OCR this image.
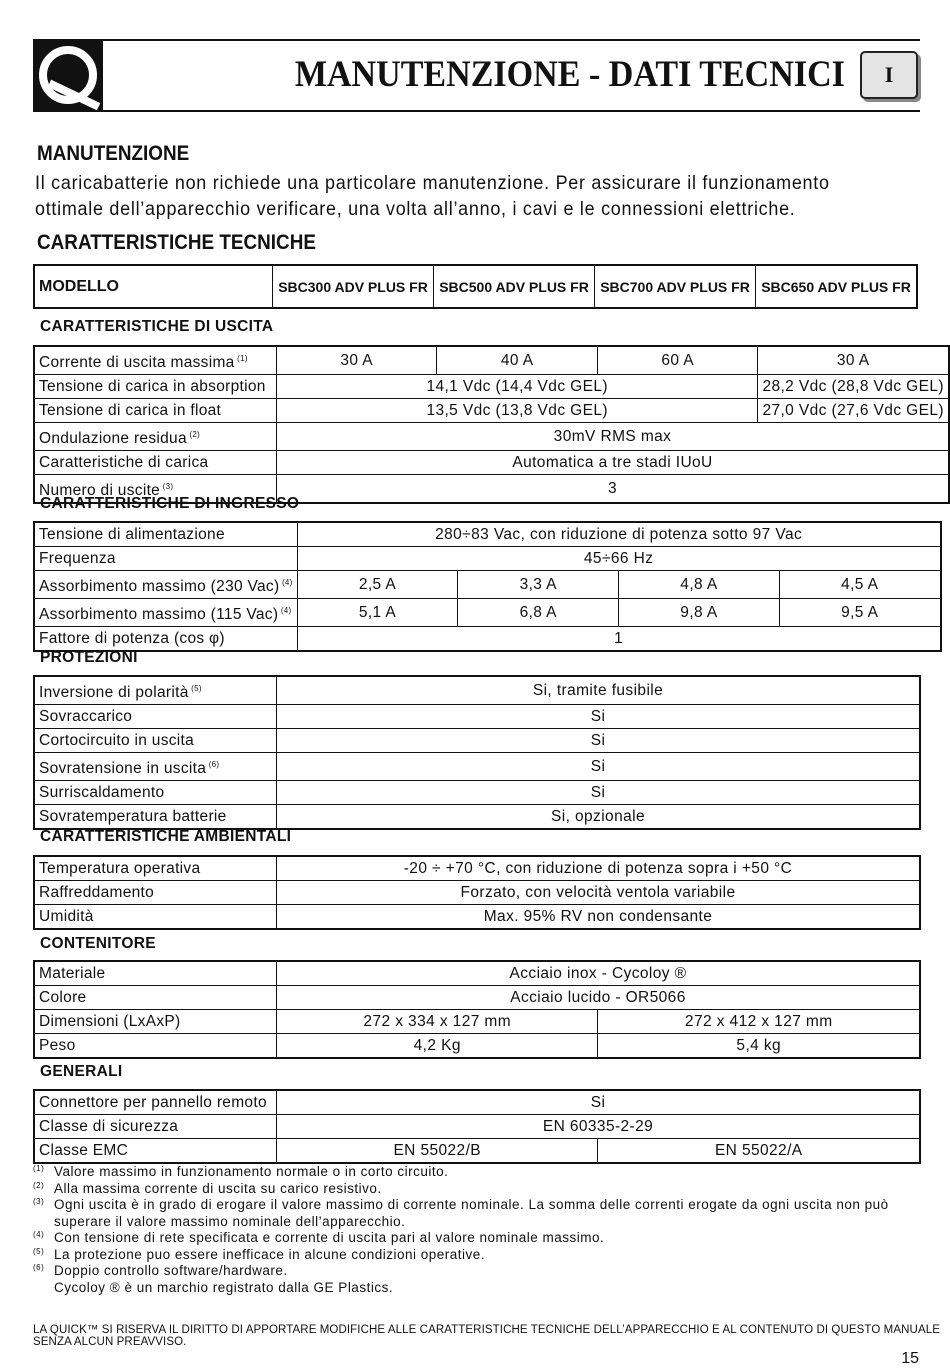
MANUTENZIONE - DATI TECNICI	I
MANUTENZIONE
Il caricabatterie non richiede una particolare manutenzione. Per assicurare il funzionamento
ottimale dell’apparecchio verificare, una volta all’anno, i cavi e le connessioni elettriche.
CARATTERISTICHE TECNICHE
MODELLO	SBC300 ADV PLUS FR	SBC500 ADV PLUS FR	SBC700 ADV PLUS FR	SBC650 ADV PLUS FR
CARATTERISTICHE DI USCITA
Corrente di uscita massima $^{(1)}$	30 A	40 A	60 A	30 A
Tensione di carica in absorption	14,1 Vdc (14,4 Vdc GEL)			28,2 Vdc (28,8 Vdc GEL)
Tensione di carica in float	13,5 Vdc (13,8 Vdc GEL)			27,0 Vdc (27,6 Vdc GEL)
Ondulazione residua $^{(2)}$	30mV RMS max			
Caratteristiche di carica	Automatica a tre stadi IUoU			
Numero di uscite $^{(3)}$	3			
CARATTERISTICHE DI INGRESSO
Tensione di alimentazione	280÷83 Vac, con riduzione di potenza sotto 97 Vac			
Frequenza	45÷66 Hz			
Assorbimento massimo (230 Vac) $^{(4)}$	2,5 A	3,3 A	4,8 A	4,5 A
Assorbimento massimo (115 Vac) $^{(4)}$	5,1 A	6,8 A	9,8 A	9,5 A
Fattore di potenza (cos φ)	1			
PROTEZIONI
Inversione di polarità $^{(5)}$	Si, tramite fusibile
Sovraccarico	Si
Cortocircuito in uscita	Si
Sovratensione in uscita $^{(6)}$	Si
Surriscaldamento	Si
Sovratemperatura batterie	Si, opzionale
CARATTERISTICHE AMBIENTALI
Temperatura operativa	-20 ÷ +70 °C, con riduzione di potenza sopra i +50 °C
Raffreddamento	Forzato, con velocità ventola variabile
Umidità	Max. 95% RV non condensante
CONTENITORE
Materiale	Acciaio inox - Cycoloy ®	
Colore	Acciaio lucido - OR5066	
Dimensioni (LxAxP)	272 x 334 x 127 mm	272 x 412 x 127 mm
Peso	4,2 Kg	5,4 kg
GENERALI
Connettore per pannello remoto	Si	
Classe di sicurezza	EN 60335-2-29	
Classe EMC	EN 55022/B	EN 55022/A
(1) Valore massimo in funzionamento normale o in corto circuito.
(2) Alla massima corrente di uscita su carico resistivo.
(3) Ogni uscita è in grado di erogare il valore massimo di corrente nominale. La somma delle correnti erogate da ogni uscita non può superare il valore massimo nominale dell’apparecchio.
(4) Con tensione di rete specificata e corrente di uscita pari al valore nominale massimo.
(5) La protezione puo essere inefficace in alcune condizioni operative.
(6) Doppio controllo software/hardware.
Cycoloy ® è un marchio registrato dalla GE Plastics.
LA QUICK™ SI RISERVA IL DIRITTO DI APPORTARE MODIFICHE ALLE CARATTERISTICHE TECNICHE DELL’APPARECCHIO E AL CONTENUTO DI QUESTO MANUALE SENZA ALCUN PREAVVISO.
15
